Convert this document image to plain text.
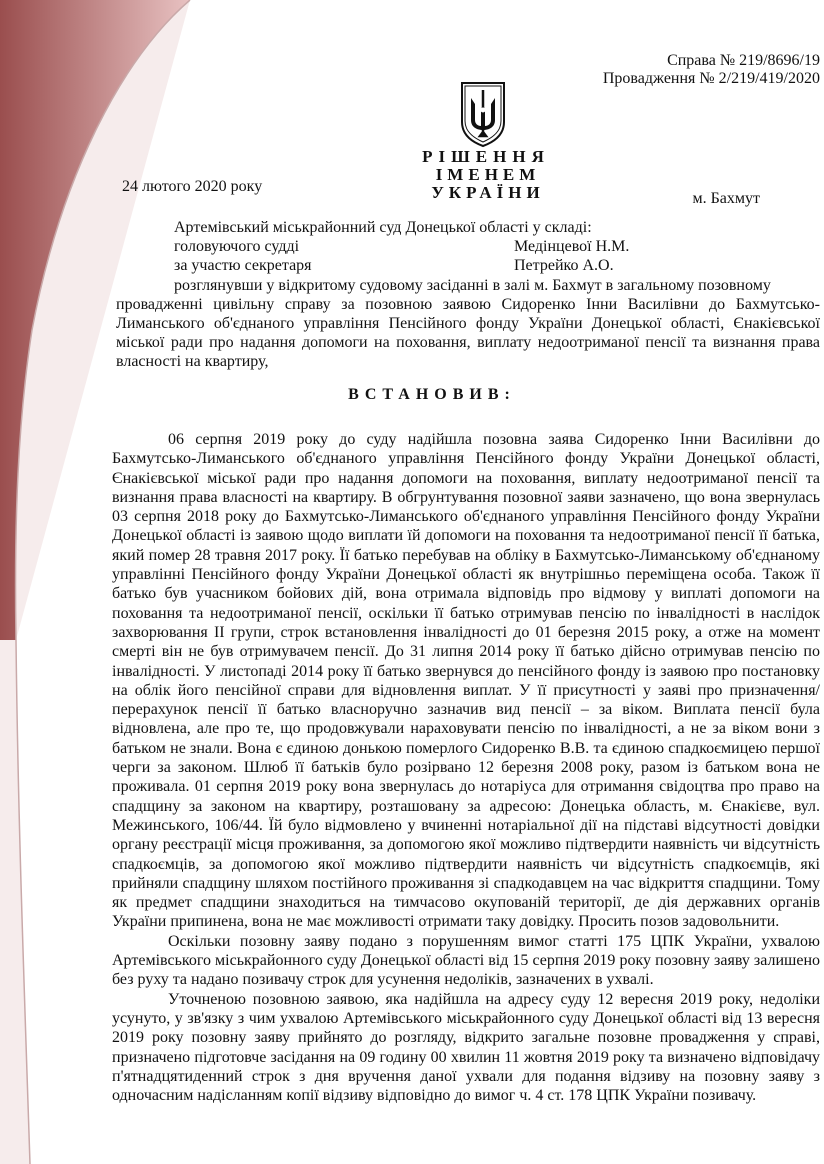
Справа № 219/8696/19
Провадження № 2/219/419/2020
РІШЕННЯ
ІМЕНЕМ УКРАЇНИ
24 лютого 2020 року
м. Бахмут
Артемівський міськрайонний суд Донецької області у складі:
головуючого судді	Медінцевої Н.М.
за участю секретаря	Петрейко А.О.
розглянувши у відкритому судовому засіданні в залі м. Бахмут в загальному позовному
провадженні цивільну справу за позовною заявою Сидоренко Інни Василівни до Бахмутсько-Лиманського об'єднаного управління Пенсійного фонду України Донецької області, Єнакієвської міської ради про надання допомоги на поховання, виплату недоотриманої пенсії та визнання права власності на квартиру,
ВСТАНОВИВ:

06 серпня 2019 року до суду надійшла позовна заява Сидоренко Інни Василівни до Бахмутсько-Лиманського об'єднаного управління Пенсійного фонду України Донецької області, Єнакієвської міської ради про надання допомоги на поховання, виплату недоотриманої пенсії та визнання права власності на квартиру. В обгрунтування позовної заяви зазначено, що вона звернулась 03 серпня 2018 року до Бахмутсько-Лиманського об'єднаного управління Пенсійного фонду України Донецької області із заявою щодо виплати їй допомоги на поховання та недоотриманої пенсії її батька, який помер 28 травня 2017 року. Її батько перебував на обліку в Бахмутсько-Лиманському об'єднаному управлінні Пенсійного фонду України Донецької області як внутрішньо переміщена особа. Також її батько був учасником бойових дій, вона отримала відповідь про відмову у виплаті допомоги на поховання та недоотриманої пенсії, оскільки її батько отримував пенсію по інвалідності в наслідок захворювання II групи, строк встановлення інвалідності до 01 березня 2015 року, а отже на момент смерті він не був отримувачем пенсії. До 31 липня 2014 року її батько дійсно отримував пенсію по інвалідності. У листопаді 2014 року її батько звернувся до пенсійного фонду із заявою про постановку на облік його пенсійної справи для відновлення виплат. У її присутності у заяві про призначення/перерахунок пенсії її батько власноручно зазначив вид пенсії – за віком. Виплата пенсії була відновлена, але про те, що продовжували нараховувати пенсію по інвалідності, а не за віком вони з батьком не знали. Вона є єдиною донькою померлого Сидоренко В.В. та єдиною спадкоємицею першої черги за законом. Шлюб її батьків було розірвано 12 березня 2008 року, разом із батьком вона не проживала. 01 серпня 2019 року вона звернулась до нотаріуса для отримання свідоцтва про право на спадщину за законом на квартиру, розташовану за адресою: Донецька область, м. Єнакієве, вул. Межинського, 106/44. Їй було відмовлено у вчиненні нотаріальної дії на підставі відсутності довідки органу реєстрації місця проживання, за допомогою якої можливо підтвердити наявність чи відсутність спадкоємців, за допомогою якої можливо підтвердити наявність чи відсутність спадкоємців, які прийняли спадщину шляхом постійного проживання зі спадкодавцем на час відкриття спадщини. Тому як предмет спадщини знаходиться на тимчасово окупованій території, де дія державних органів України припинена, вона не має можливості отримати таку довідку. Просить позов задовольнити.

Оскільки позовну заяву подано з порушенням вимог статті 175 ЦПК України, ухвалою Артемівського міськрайонного суду Донецької області від 15 серпня 2019 року позовну заяву залишено без руху та надано позивачу строк для усунення недоліків, зазначених в ухвалі.

Уточненою позовною заявою, яка надійшла на адресу суду 12 вересня 2019 року, недоліки усунуто, у зв'язку з чим ухвалою Артемівського міськрайонного суду Донецької області від 13 вересня 2019 року позовну заяву прийнято до розгляду, відкрито загальне позовне провадження у справі, призначено підготовче засідання на 09 годину 00 хвилин 11 жовтня 2019 року та визначено відповідачу п'ятнадцятиденний строк з дня вручення даної ухвали для подання відзиву на позовну заяву з одночасним надісланням копії відзиву відповідно до вимог ч. 4 ст. 178 ЦПК України позивачу.
